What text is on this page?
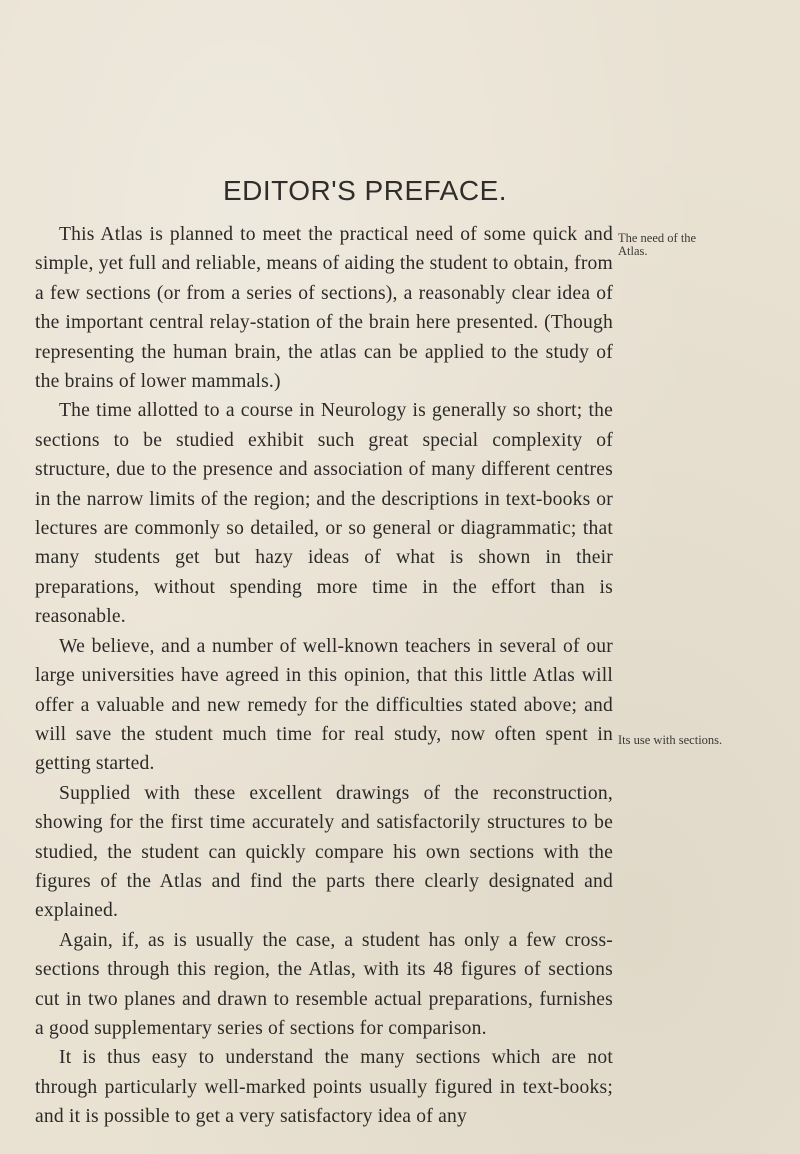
EDITOR'S PREFACE.

This Atlas is planned to meet the practical need of some quick and simple, yet full and reliable, means of aiding the student to obtain, from a few sections (or from a series of sections), a reasonably clear idea of the important central relay-station of the brain here presented. (Though representing the human brain, the atlas can be applied to the study of the brains of lower mammals.)

The time allotted to a course in Neurology is generally so short; the sections to be studied exhibit such great special complexity of structure, due to the presence and association of many different centres in the narrow limits of the region; and the descriptions in text-books or lectures are commonly so detailed, or so general or diagrammatic; that many students get but hazy ideas of what is shown in their preparations, without spending more time in the effort than is reasonable.

We believe, and a number of well-known teachers in several of our large universities have agreed in this opinion, that this little Atlas will offer a valuable and new remedy for the difficulties stated above; and will save the student much time for real study, now often spent in getting started.

Supplied with these excellent drawings of the reconstruction, showing for the first time accurately and satisfactorily structures to be studied, the student can quickly compare his own sections with the figures of the Atlas and find the parts there clearly designated and explained.

Again, if, as is usually the case, a student has only a few cross-sections through this region, the Atlas, with its 48 figures of sections cut in two planes and drawn to resemble actual preparations, furnishes a good supplementary series of sections for comparison.

It is thus easy to understand the many sections which are not through particularly well-marked points usually figured in text-books; and it is possible to get a very satisfactory idea of any

The need of the Atlas.
Its use with sections.
